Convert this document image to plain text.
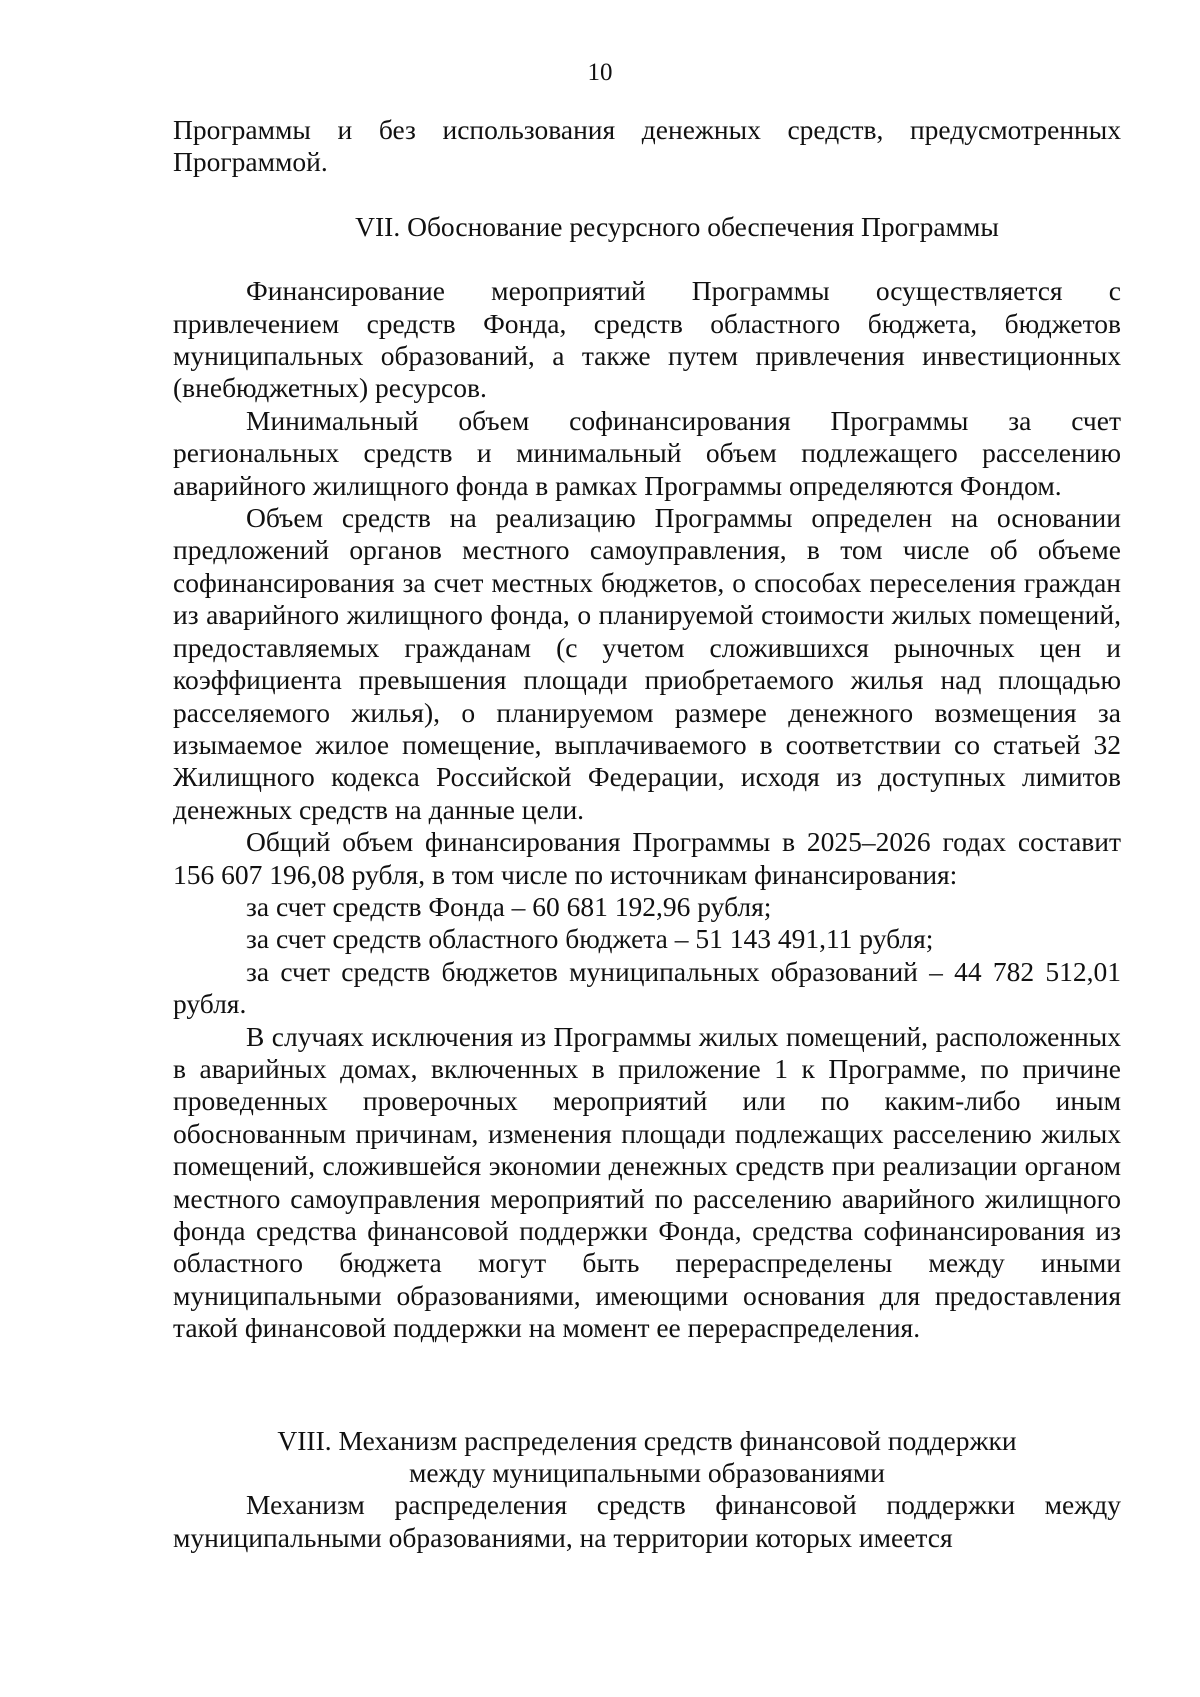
10

Программы и без использования денежных средств, предусмотренных Программой.

VII. Обоснование ресурсного обеспечения Программы

Финансирование мероприятий Программы осуществляется с привлечением средств Фонда, средств областного бюджета, бюджетов муниципальных образований, а также путем привлечения инвестиционных (внебюджетных) ресурсов.

Минимальный объем софинансирования Программы за счет региональных средств и минимальный объем подлежащего расселению аварийного жилищного фонда в рамках Программы определяются Фондом.

Объем средств на реализацию Программы определен на основании предложений органов местного самоуправления, в том числе об объеме софинансирования за счет местных бюджетов, о способах переселения граждан из аварийного жилищного фонда, о планируемой стоимости жилых помещений, предоставляемых гражданам (с учетом сложившихся рыночных цен и коэффициента превышения площади приобретаемого жилья над площадью расселяемого жилья), о планируемом размере денежного возмещения за изымаемое жилое помещение, выплачиваемого в соответствии со статьей 32 Жилищного кодекса Российской Федерации, исходя из доступных лимитов денежных средств на данные цели.

Общий объем финансирования Программы в 2025–2026 годах составит 156 607 196,08 рубля, в том числе по источникам финансирования:

за счет средств Фонда – 60 681 192,96 рубля;

за счет средств областного бюджета – 51 143 491,11 рубля;

за счет средств бюджетов муниципальных образований – 44 782 512,01 рубля.

В случаях исключения из Программы жилых помещений, расположенных в аварийных домах, включенных в приложение 1 к Программе, по причине проведенных проверочных мероприятий или по каким-либо иным обоснованным причинам, изменения площади подлежащих расселению жилых помещений, сложившейся экономии денежных средств при реализации органом местного самоуправления мероприятий по расселению аварийного жилищного фонда средства финансовой поддержки Фонда, средства софинансирования из областного бюджета могут быть перераспределены между иными муниципальными образованиями, имеющими основания для предоставления такой финансовой поддержки на момент ее перераспределения.

VIII. Механизм распределения средств финансовой поддержки
между муниципальными образованиями

Механизм распределения средств финансовой поддержки между муниципальными образованиями, на территории которых имеется
